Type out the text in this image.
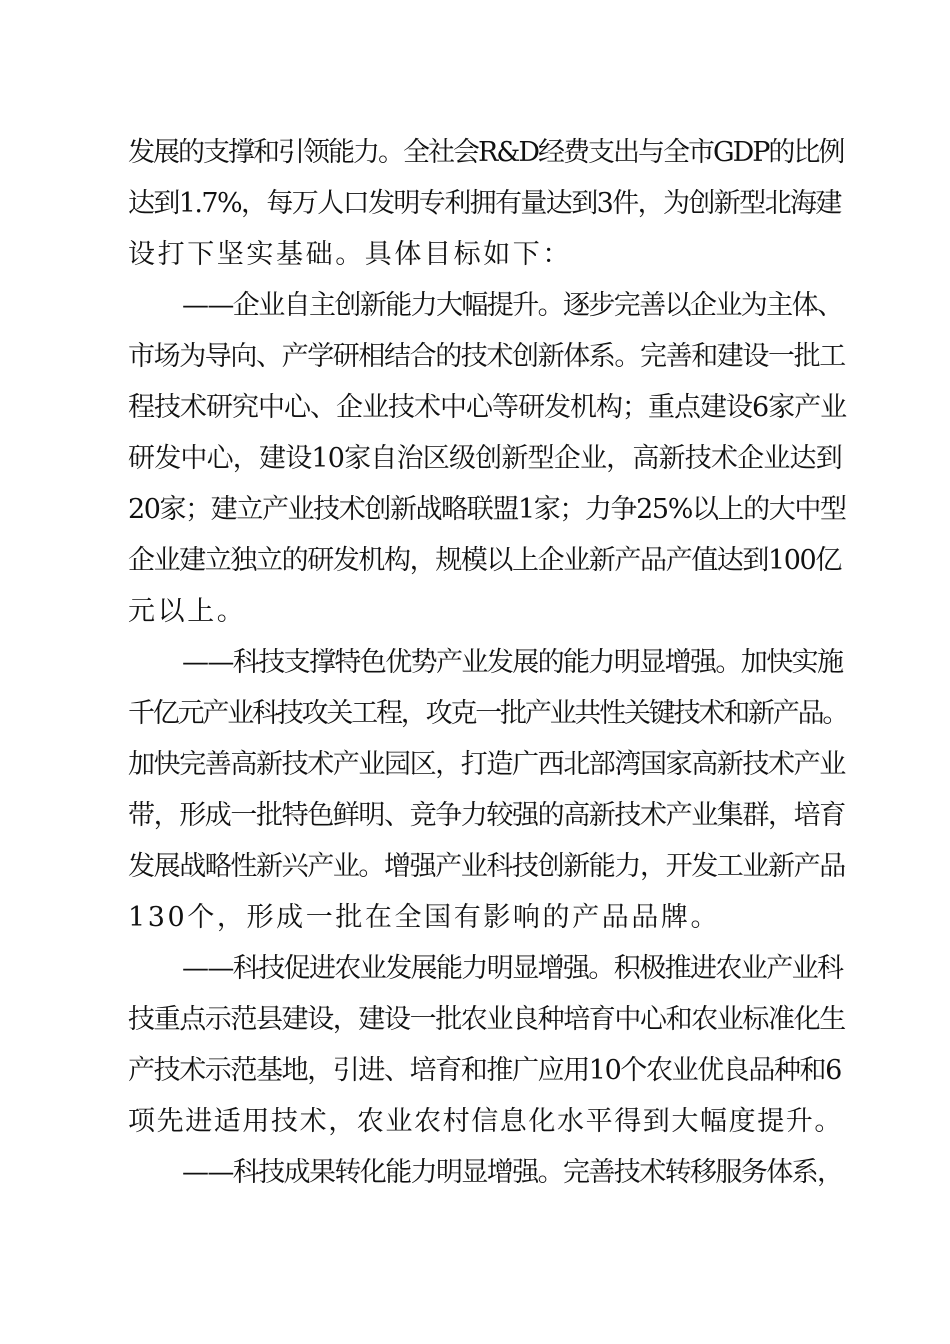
发展的支撑和引领能力。全社会R&D经费支出与全市GDP的比例
达到1.7%，每万人口发明专利拥有量达到3件，为创新型北海建
设打下坚实基础。具体目标如下：
——企业自主创新能力大幅提升。逐步完善以企业为主体、
市场为导向、产学研相结合的技术创新体系。完善和建设一批工
程技术研究中心、企业技术中心等研发机构；重点建设6家产业
研发中心，建设10家自治区级创新型企业，高新技术企业达到
20家；建立产业技术创新战略联盟1家；力争25%以上的大中型
企业建立独立的研发机构，规模以上企业新产品产值达到100亿
元以上。
——科技支撑特色优势产业发展的能力明显增强。加快实施
千亿元产业科技攻关工程，攻克一批产业共性关键技术和新产品。
加快完善高新技术产业园区，打造广西北部湾国家高新技术产业
带，形成一批特色鲜明、竞争力较强的高新技术产业集群，培育
发展战略性新兴产业。增强产业科技创新能力，开发工业新产品
130个，形成一批在全国有影响的产品品牌。
——科技促进农业发展能力明显增强。积极推进农业产业科
技重点示范县建设，建设一批农业良种培育中心和农业标准化生
产技术示范基地，引进、培育和推广应用10个农业优良品种和6
项先进适用技术，农业农村信息化水平得到大幅度提升。
——科技成果转化能力明显增强。完善技术转移服务体系，
